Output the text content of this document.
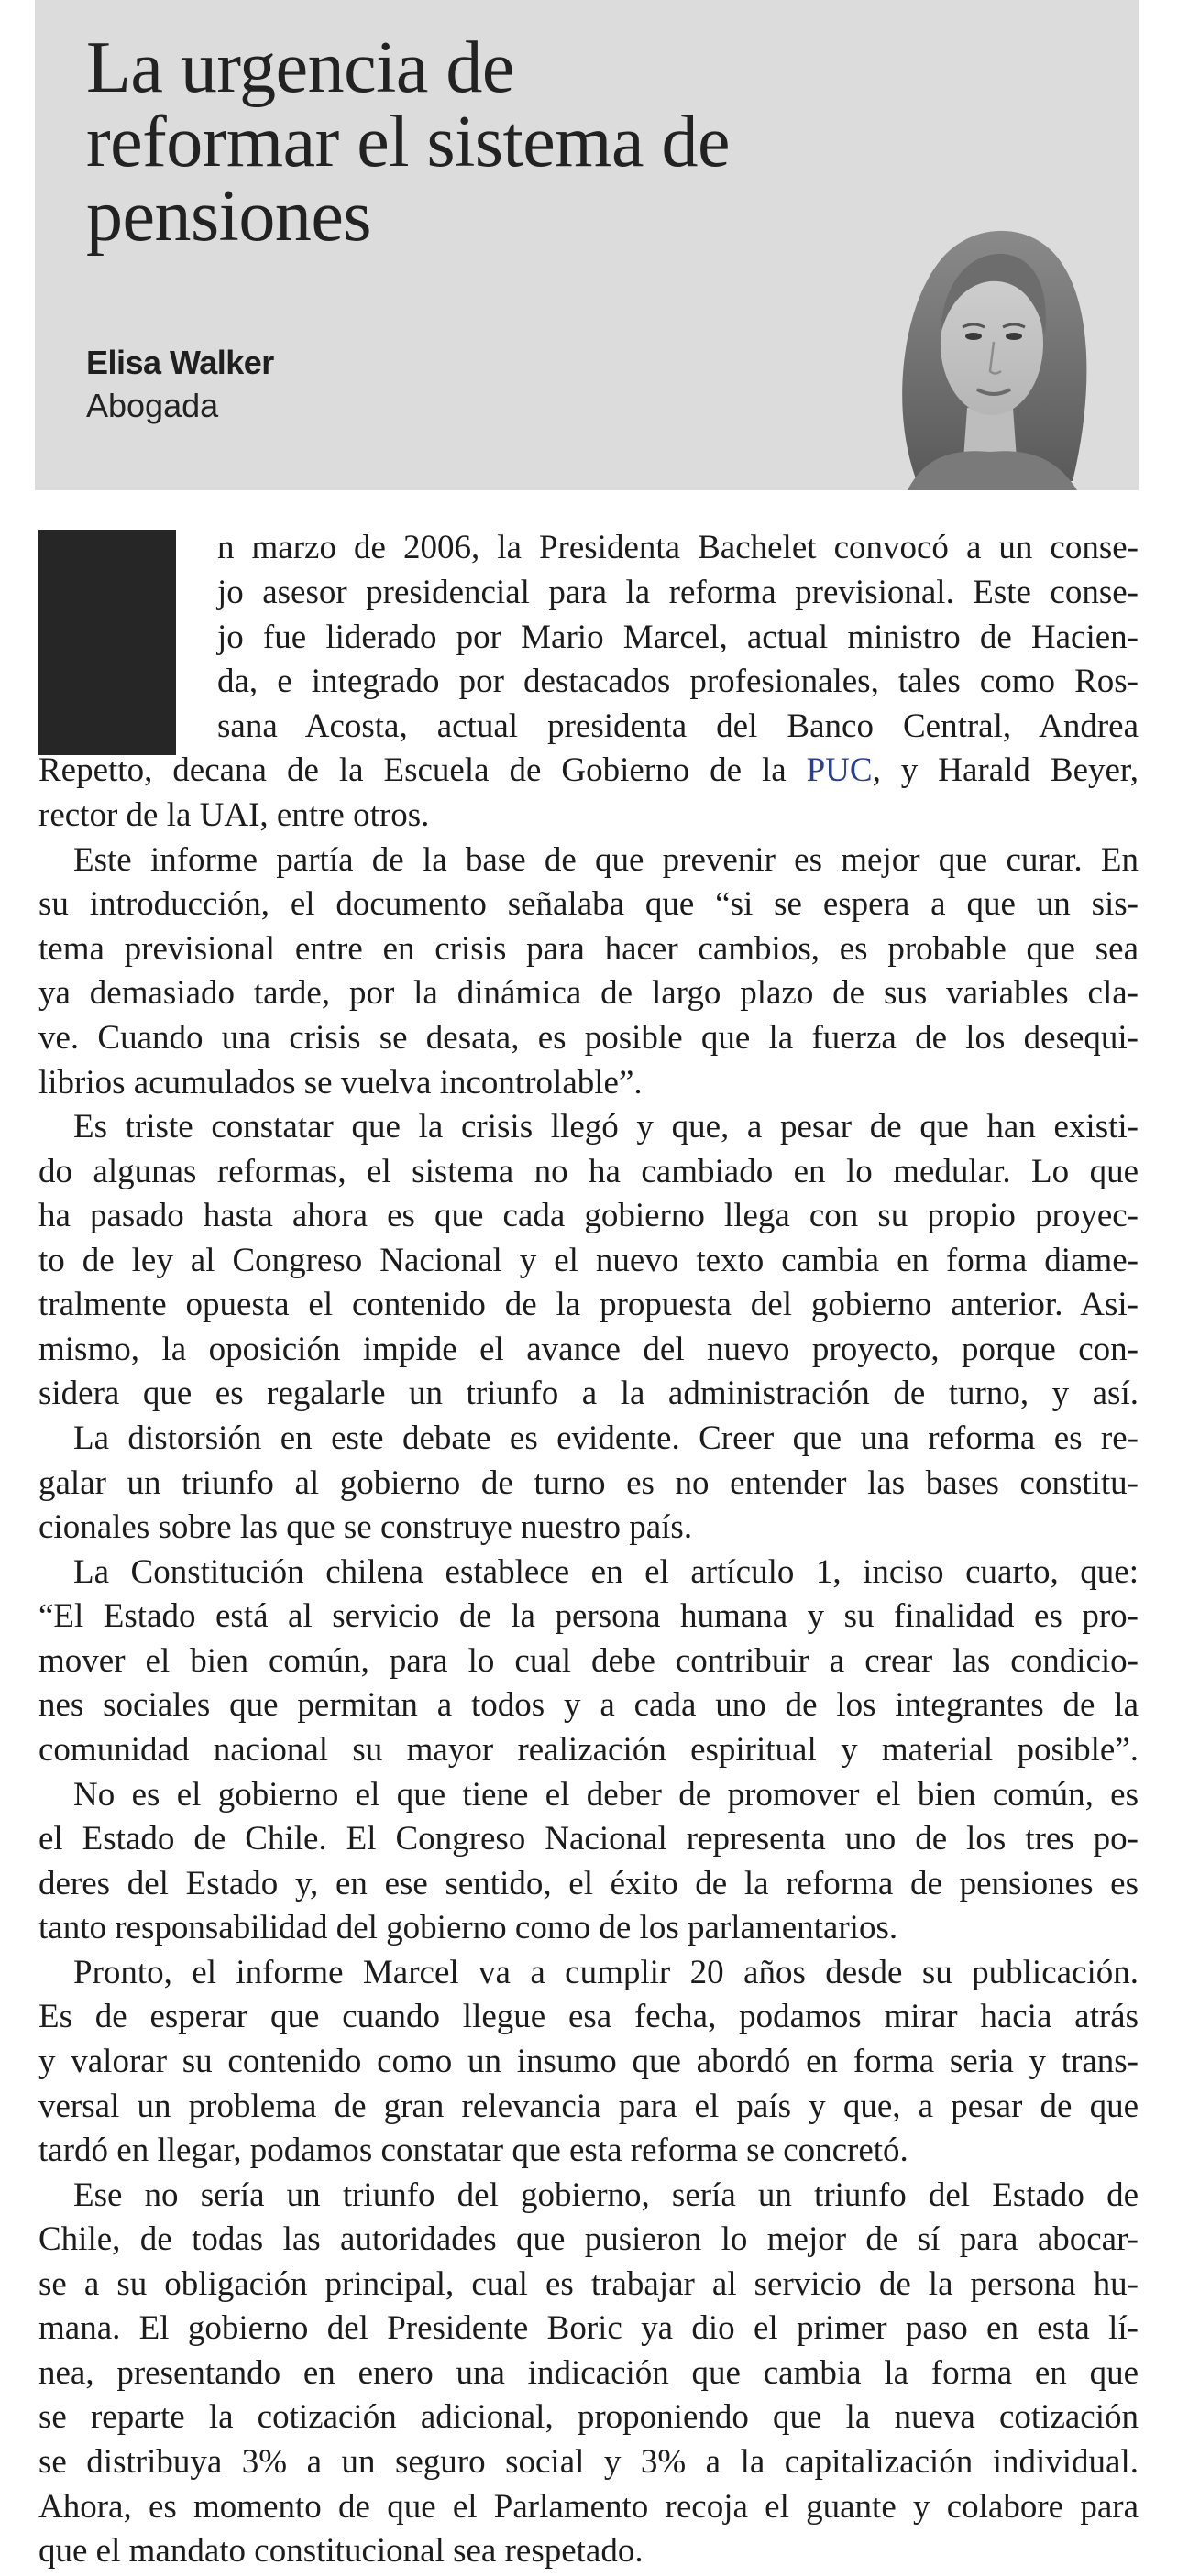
La urgencia de
reformar el sistema de
pensiones
Elisa Walker
Abogada
n marzo de 2006, la Presidenta Bachelet convocó a un conse-
jo asesor presidencial para la reforma previsional. Este conse-
jo fue liderado por Mario Marcel, actual ministro de Hacien-
da, e integrado por destacados profesionales, tales como Ros-
sana Acosta, actual presidenta del Banco Central, Andrea
Repetto, decana de la Escuela de Gobierno de la PUC, y Harald Beyer,
rector de la UAI, entre otros.
Este informe partía de la base de que prevenir es mejor que curar. En
su introducción, el documento señalaba que “si se espera a que un sis-
tema previsional entre en crisis para hacer cambios, es probable que sea
ya demasiado tarde, por la dinámica de largo plazo de sus variables cla-
ve. Cuando una crisis se desata, es posible que la fuerza de los desequi-
librios acumulados se vuelva incontrolable”.
Es triste constatar que la crisis llegó y que, a pesar de que han existi-
do algunas reformas, el sistema no ha cambiado en lo medular. Lo que
ha pasado hasta ahora es que cada gobierno llega con su propio proyec-
to de ley al Congreso Nacional y el nuevo texto cambia en forma diame-
tralmente opuesta el contenido de la propuesta del gobierno anterior. Asi-
mismo, la oposición impide el avance del nuevo proyecto, porque con-
sidera que es regalarle un triunfo a la administración de turno, y así.
La distorsión en este debate es evidente. Creer que una reforma es re-
galar un triunfo al gobierno de turno es no entender las bases constitu-
cionales sobre las que se construye nuestro país.
La Constitución chilena establece en el artículo 1, inciso cuarto, que:
“El Estado está al servicio de la persona humana y su finalidad es pro-
mover el bien común, para lo cual debe contribuir a crear las condicio-
nes sociales que permitan a todos y a cada uno de los integrantes de la
comunidad nacional su mayor realización espiritual y material posible”.
No es el gobierno el que tiene el deber de promover el bien común, es
el Estado de Chile. El Congreso Nacional representa uno de los tres po-
deres del Estado y, en ese sentido, el éxito de la reforma de pensiones es
tanto responsabilidad del gobierno como de los parlamentarios.
Pronto, el informe Marcel va a cumplir 20 años desde su publicación.
Es de esperar que cuando llegue esa fecha, podamos mirar hacia atrás
y valorar su contenido como un insumo que abordó en forma seria y trans-
versal un problema de gran relevancia para el país y que, a pesar de que
tardó en llegar, podamos constatar que esta reforma se concretó.
Ese no sería un triunfo del gobierno, sería un triunfo del Estado de
Chile, de todas las autoridades que pusieron lo mejor de sí para abocar-
se a su obligación principal, cual es trabajar al servicio de la persona hu-
mana. El gobierno del Presidente Boric ya dio el primer paso en esta lí-
nea, presentando en enero una indicación que cambia la forma en que
se reparte la cotización adicional, proponiendo que la nueva cotización
se distribuya 3% a un seguro social y 3% a la capitalización individual.
Ahora, es momento de que el Parlamento recoja el guante y colabore para
que el mandato constitucional sea respetado.
